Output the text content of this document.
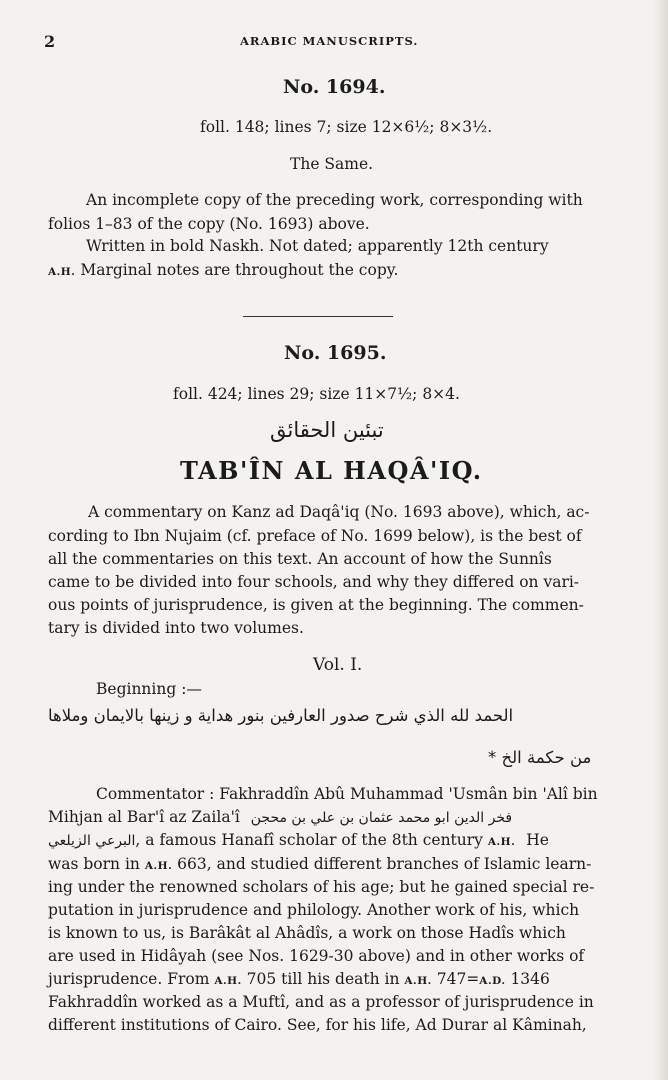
2	ARABIC MANUSCRIPTS.
No. 1694.
foll. 148; lines 7; size 12×6½; 8×3½.
The Same.
An incomplete copy of the preceding work, corresponding with
folios 1–83 of the copy (No. 1693) above.
Written in bold Naskh. Not dated; apparently 12th century
A.H. Marginal notes are throughout the copy.
No. 1695.
foll. 424; lines 29; size 11×7½; 8×4.
تبئين الحقائق
TAB'ÎN AL HAQÂ'IQ.
A commentary on Kanz ad Daqâ'iq (No. 1693 above), which, ac-
cording to Ibn Nujaim (cf. preface of No. 1699 below), is the best of
all the commentaries on this text. An account of how the Sunnîs
came to be divided into four schools, and why they differed on vari-
ous points of jurisprudence, is given at the beginning. The commen-
tary is divided into two volumes.
Vol. I.
Beginning :—
الحمد لله الذي شرح صدور العارفين بنور هداية و زينها بالايمان وملاها
من حكمة الخ *
Commentator : Fakhraddîn Abû Muhammad 'Usmân bin 'Alî bin
Mihjan al Bar'î az Zaila'î فخر الدين ابو محمد عثمان بن علي بن محجن
البرعي الزيلعي, a famous Hanafî scholar of the 8th century A.H. He
was born in A.H. 663, and studied different branches of Islamic learn-
ing under the renowned scholars of his age; but he gained special re-
putation in jurisprudence and philology. Another work of his, which
is known to us, is Barâkât al Ahâdîs, a work on those Hadîs which
are used in Hidâyah (see Nos. 1629-30 above) and in other works of
jurisprudence. From A.H. 705 till his death in A.H. 747=A.D. 1346
Fakhraddîn worked as a Muftî, and as a professor of jurisprudence in
different institutions of Cairo. See, for his life, Ad Durar al Kâminah,
